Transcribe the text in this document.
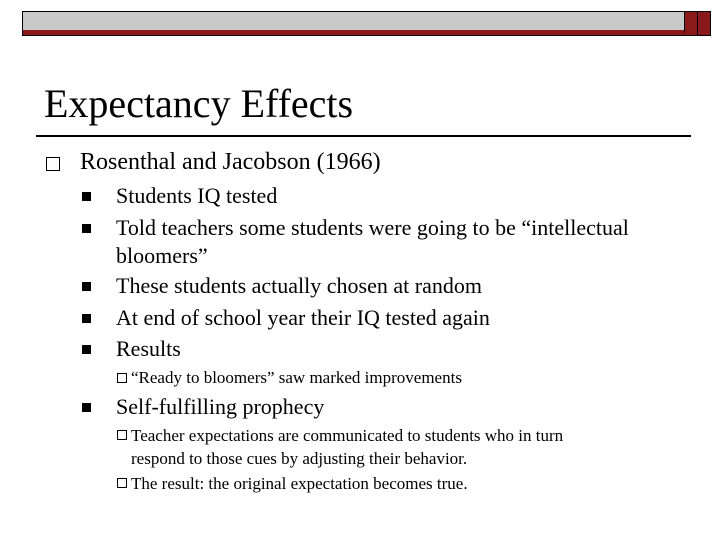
Expectancy Effects
Rosenthal and Jacobson (1966)
Students IQ tested
Told teachers some students were going to be “intellectual
bloomers”
These students actually chosen at random
At end of school year their IQ tested again
Results
“Ready to bloomers” saw marked improvements
Self-fulfilling prophecy
Teacher expectations are communicated to students who in turn
respond to those cues by adjusting their behavior.
The result: the original expectation becomes true.
